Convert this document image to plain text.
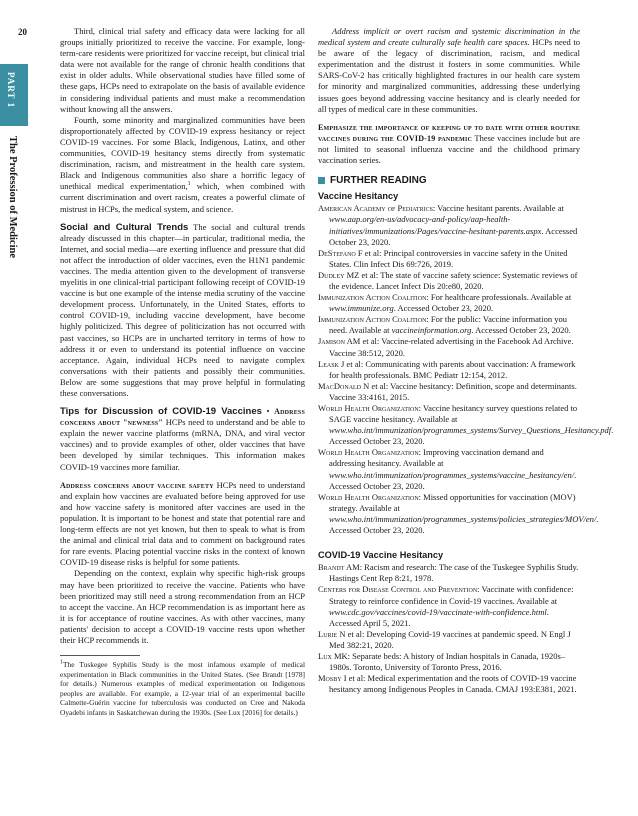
20
PART 1
The Profession of Medicine

Third, clinical trial safety and efficacy data were lacking for all groups initially prioritized to receive the vaccine. For example, long-term-care residents were prioritized for vaccine receipt, but clinical trial data were not available for the range of chronic health conditions that exist in older adults. While observational studies have filled some of these gaps, HCPs need to extrapolate on the basis of available evidence in considering individual patients and must make a recommendation without knowing all the answers.

Fourth, some minority and marginalized communities have been disproportionately affected by COVID-19 express hesitancy or reject COVID-19 vaccines. For some Black, Indigenous, Latinx, and other communities, COVID-19 hesitancy stems directly from systematic discrimination, racism, and mistreatment in the health care system. Black and Indigenous communities also share a horrific legacy of unethical medical experimentation,$^1$ which, when combined with current discrimination and overt racism, creates a powerful climate of mistrust in HCPs, the medical system, and science.

Social and Cultural Trends The social and cultural trends already discussed in this chapter—in particular, traditional media, the Internet, and social media—are exerting influence and pressure that did not affect the introduction of older vaccines, even the H1N1 pandemic vaccines. The media attention given to the development of transverse myelitis in one clinical-trial participant following receipt of COVID-19 vaccine is but one example of the intense media scrutiny of the vaccine development process. Unfortunately, in the United States, efforts to control COVID-19, including vaccine development, have become highly politicized. This degree of politicization has not occurred with past vaccines, so HCPs are in uncharted territory in terms of how to address it or even to understand its potential influence on vaccine acceptance. Again, individual HCPs need to navigate complex conversations with their patients and possibly their communities. Below are some suggestions that may prove helpful in formulating these conversations.

Tips for Discussion of COVID-19 Vaccines • Address concerns about "newness" HCPs need to understand and be able to explain the newer vaccine platforms (mRNA, DNA, and viral vector vaccines) and to provide examples of other, older vaccines that have been developed by similar techniques. This information makes COVID-19 vaccines more familiar.

Address concerns about vaccine safety HCPs need to understand and explain how vaccines are evaluated before being approved for use and how vaccine safety is monitored after vaccines are used in the population. It is important to be honest and state that potential rare and long-term effects are not yet known, but then to speak to what is from the animal and clinical trial data and to comment on background rates for rare events. Placing potential vaccine risks in the context of known COVID-19 disease risks is helpful for some patients.

Depending on the context, explain why specific high-risk groups may have been prioritized to receive the vaccine. Patients who have been prioritized may still need a strong recommendation from an HCP to accept the vaccine. An HCP recommendation is as important here as it is for acceptance of routine vaccines. As with other vaccines, many patients' decision to accept a COVID-19 vaccine rests upon whether their HCP recommends it.

$^1$The Tuskegee Syphilis Study is the most infamous example of medical experimentation in Black communities in the United States. (See Brandt [1978] for details.) Numerous examples of medical experimentation on Indigenous peoples are available. For example, a 12-year trial of an experimental bacille Calmette-Guérin vaccine for tuberculosis was conducted on Cree and Nakoda Oyadebi infants in Saskatchewan during the 1930s. (See Lux [2016] for details.)

Address implicit or overt racism and systemic discrimination in the medical system and create culturally safe health care spaces. HCPs need to be aware of the legacy of discrimination, racism, and medical experimentation and the distrust it fosters in some communities. While SARS-CoV-2 has critically highlighted fractures in our health care system for minority and marginalized communities, addressing these underlying issues goes beyond addressing vaccine hesitancy and is clearly needed for all types of medical care in these communities.

Emphasize the importance of keeping up to date with other routine vaccines during the COVID-19 pandemic These vaccines include but are not limited to seasonal influenza vaccine and the childhood primary vaccination series.

FURTHER READING
Vaccine Hesitancy

American Academy of Pediatrics: Vaccine hesitant parents. Available at www.aap.org/en-us/advocacy-and-policy/aap-health-initiatives/immunizations/Pages/vaccine-hesitant-parents.aspx. Accessed October 23, 2020.

DeStefano F et al: Principal controversies in vaccine safety in the United States. Clin Infect Dis 69:726, 2019.

Dudley MZ et al: The state of vaccine safety science: Systematic reviews of the evidence. Lancet Infect Dis 20:e80, 2020.

Immunization Action Coalition: For healthcare professionals. Available at www.immunize.org. Accessed October 23, 2020.

Immunization Action Coalition: For the public: Vaccine information you need. Available at vaccineinformation.org. Accessed October 23, 2020.

Jamison AM et al: Vaccine-related advertising in the Facebook Ad Archive. Vaccine 38:512, 2020.

Leask J et al: Communicating with parents about vaccination: A framework for health professionals. BMC Pediatr 12:154, 2012.

MacDonald N et al: Vaccine hesitancy: Definition, scope and determinants. Vaccine 33:4161, 2015.

World Health Organization: Vaccine hesitancy survey questions related to SAGE vaccine hesitancy. Available at www.who.int/immunization/programmes_systems/Survey_Questions_Hesitancy.pdf. Accessed October 23, 2020.

World Health Organization: Improving vaccination demand and addressing hesitancy. Available at www.who.int/immunization/programmes_systems/vaccine_hesitancy/en/. Accessed October 23, 2020.

World Health Organization: Missed opportunities for vaccination (MOV) strategy. Available at www.who.int/immunization/programmes_systems/policies_strategies/MOV/en/. Accessed October 23, 2020.

COVID-19 Vaccine Hesitancy

Brandt AM: Racism and research: The case of the Tuskegee Syphilis Study. Hastings Cent Rep 8:21, 1978.

Centers for Disease Control and Prevention: Vaccinate with confidence: Strategy to reinforce confidence in Covid-19 vaccines. Available at www.cdc.gov/vaccines/covid-19/vaccinate-with-confidence.html. Accessed April 5, 2021.

Lurie N et al: Developing Covid-19 vaccines at pandemic speed. N Engl J Med 382:21, 2020.

Lux MK: Separate beds: A history of Indian hospitals in Canada, 1920s–1980s. Toronto, University of Toronto Press, 2016.

Mosby I et al: Medical experimentation and the roots of COVID-19 vaccine hesitancy among Indigenous Peoples in Canada. CMAJ 193:E381, 2021.
